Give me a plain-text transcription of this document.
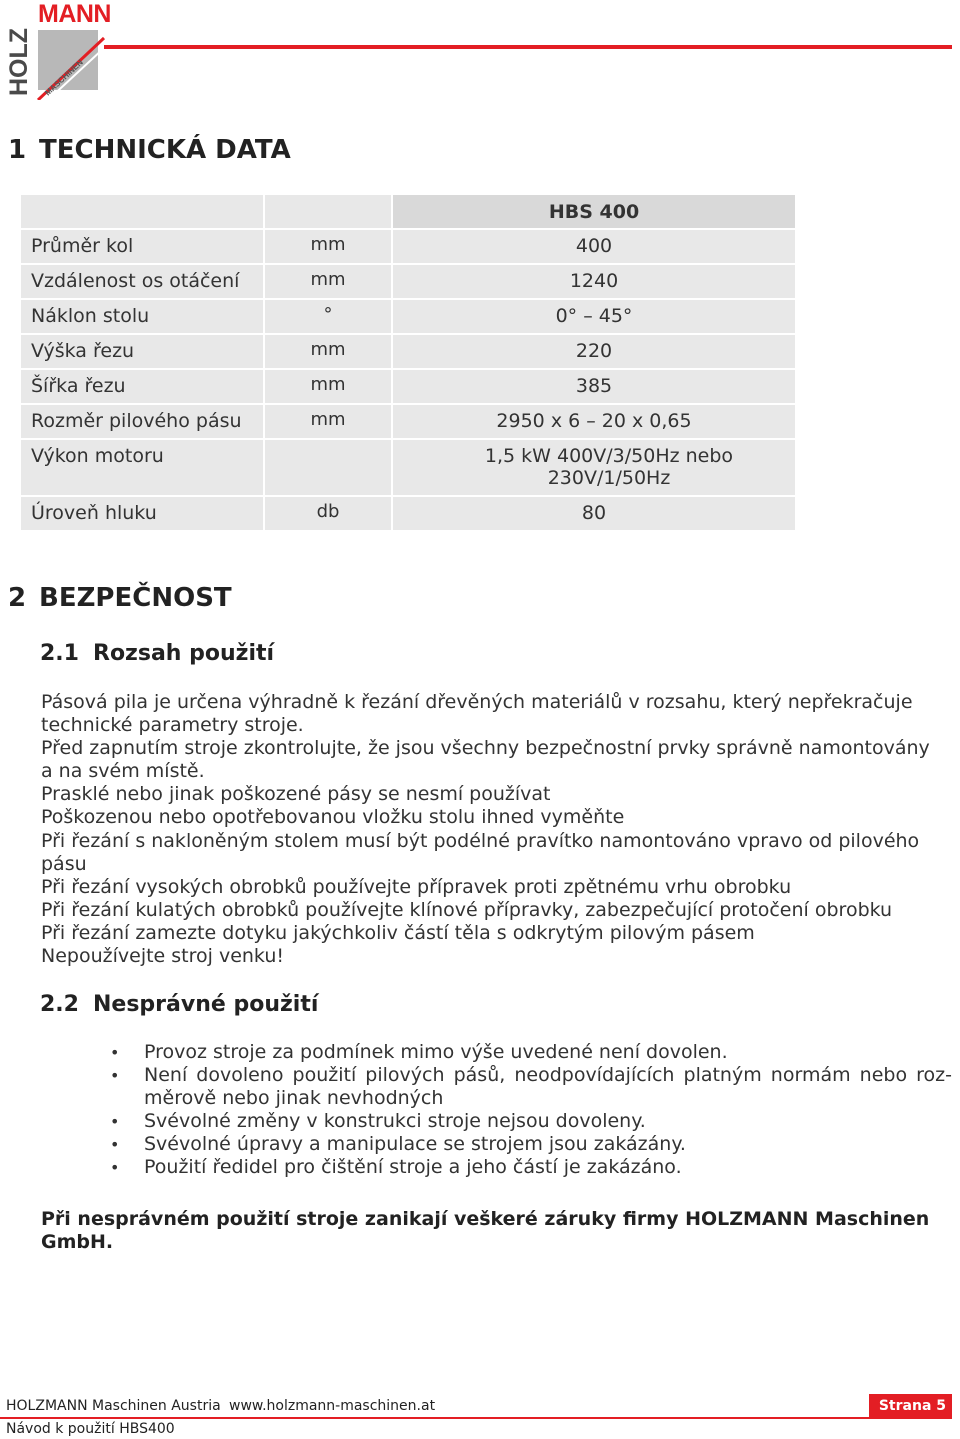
MASCHINEN
HOLZ
MANN
1 TECHNICKÁ DATA
		HBS 400
Průměr kol	mm	400
Vzdálenost os otáčení	mm	1240
Náklon stolu	°	0° – 45°
Výška řezu	mm	220
Šířka řezu	mm	385
Rozměr pilového pásu	mm	2950 x 6 – 20 x 0,65
Výkon motoru		1,5 kW 400V/3/50Hz nebo 230V/1/50Hz
Úroveň hluku	db	80
2 BEZPEČNOST
2.1 Rozsah použití
Pásová pila je určena výhradně k řezání dřevěných materiálů v rozsahu, který nepřekračuje technické parametry stroje.
Před zapnutím stroje zkontrolujte, že jsou všechny bezpečnostní prvky správně namontovány a na svém místě.
Prasklé nebo jinak poškozené pásy se nesmí používat
Poškozenou nebo opotřebovanou vložku stolu ihned vyměňte
Při řezání s nakloněným stolem musí být podélné pravítko namontováno vpravo od pilového pásu
Při řezání vysokých obrobků používejte přípravek proti zpětnému vrhu obrobku
Při řezání kulatých obrobků používejte klínové přípravky, zabezpečující protočení obrobku
Při řezání zamezte dotyku jakýchkoliv částí těla s odkrytým pilovým pásem
Nepoužívejte stroj venku!
2.2 Nesprávné použití
• Provoz stroje za podmínek mimo výše uvedené není dovolen.
• Není dovoleno použití pilových pásů, neodpovídajících platným normám nebo roz-měrově nebo jinak nevhodných
• Svévolné změny v konstrukci stroje nejsou dovoleny.
• Svévolné úpravy a manipulace se strojem jsou zakázány.
• Použití ředidel pro čištění stroje a jeho částí je zakázáno.
Při nesprávném použití stroje zanikají veškeré záruky firmy HOLZMANN Maschinen GmbH.
HOLZMANN Maschinen Austria www.holzmann-maschinen.at	Strana 5
Návod k použití HBS400
